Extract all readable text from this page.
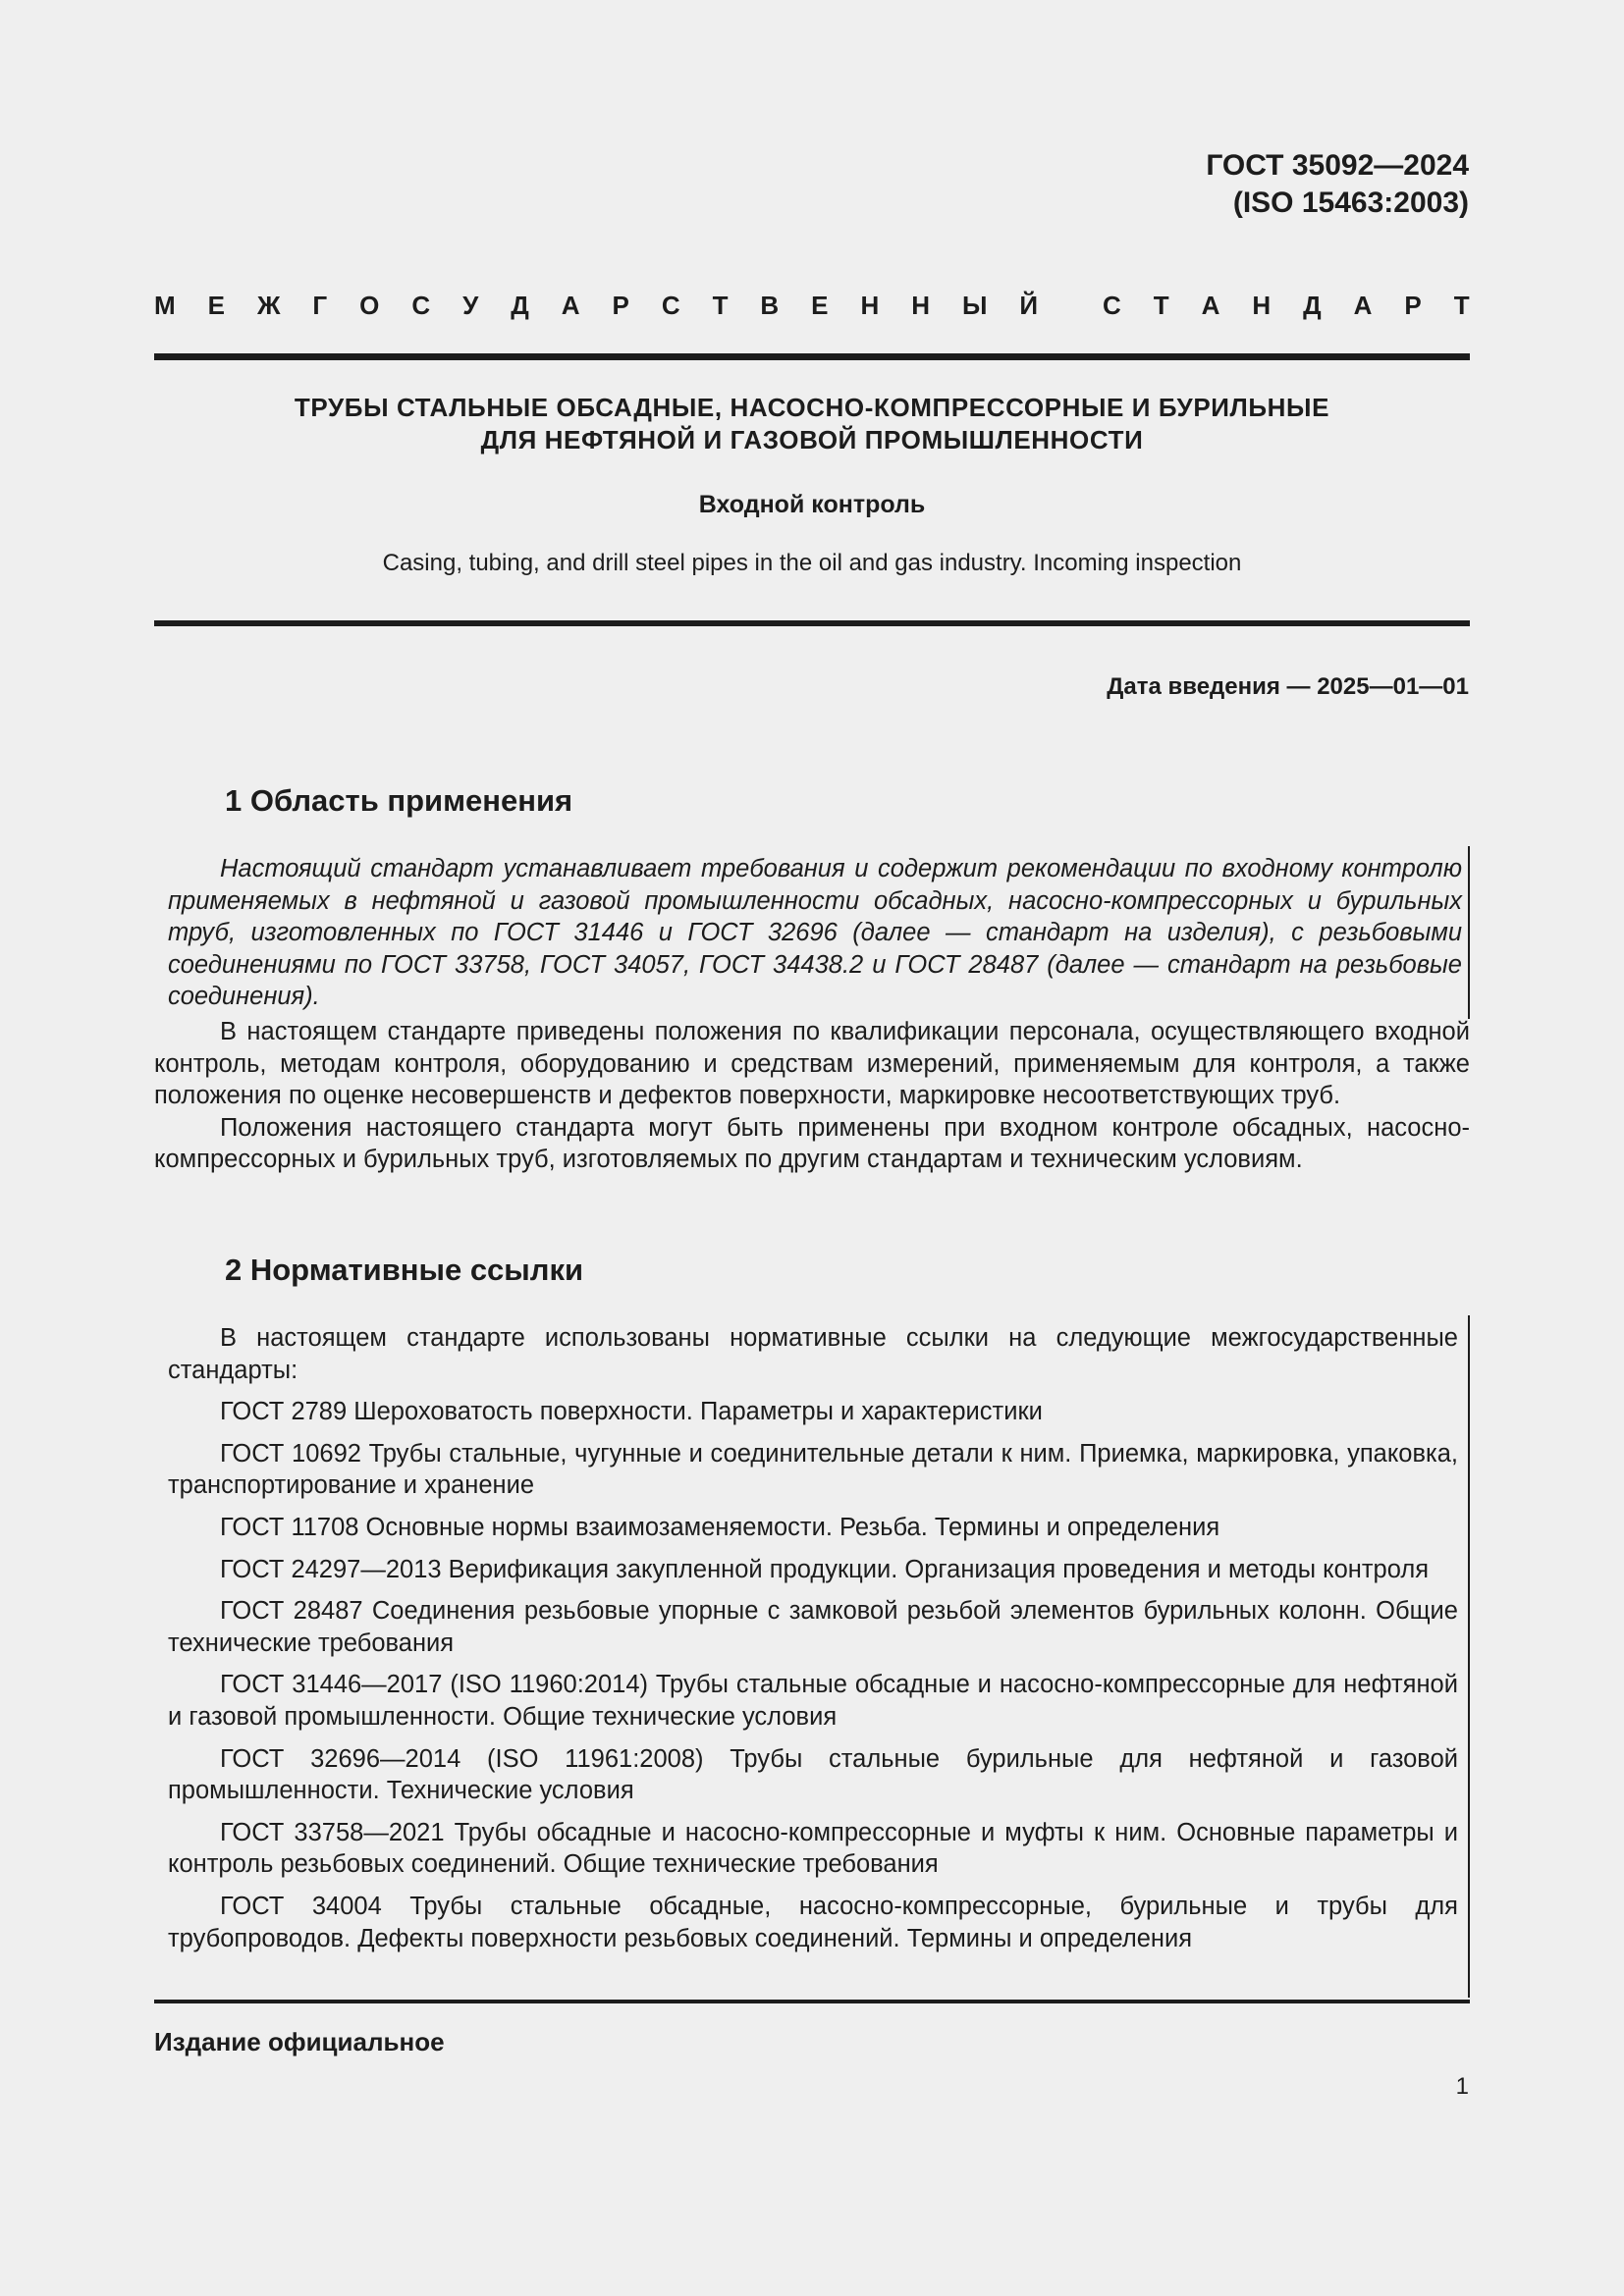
ГОСТ 35092—2024
(ISO 15463:2003)
М Е Ж Г О С У Д А Р С Т В Е Н Н Ы Й	С Т А Н Д А Р Т
ТРУБЫ СТАЛЬНЫЕ ОБСАДНЫЕ, НАСОСНО-КОМПРЕССОРНЫЕ И БУРИЛЬНЫЕ
ДЛЯ НЕФТЯНОЙ И ГАЗОВОЙ ПРОМЫШЛЕННОСТИ
Входной контроль
Casing, tubing, and drill steel pipes in the oil and gas industry. Incoming inspection
Дата введения — 2025—01—01
1 Область применения

Настоящий стандарт устанавливает требования и содержит рекомендации по входному контролю применяемых в нефтяной и газовой промышленности обсадных, насосно-компрессорных и бурильных труб, изготовленных по ГОСТ 31446 и ГОСТ 32696 (далее — стандарт на изделия), с резьбовыми соединениями по ГОСТ 33758, ГОСТ 34057, ГОСТ 34438.2 и ГОСТ 28487 (далее — стандарт на резьбовые соединения).

В настоящем стандарте приведены положения по квалификации персонала, осуществляющего входной контроль, методам контроля, оборудованию и средствам измерений, применяемым для контроля, а также положения по оценке несовершенств и дефектов поверхности, маркировке несоответствующих труб.

Положения настоящего стандарта могут быть применены при входном контроле обсадных, насосно-компрессорных и бурильных труб, изготовляемых по другим стандартам и техническим условиям.

2 Нормативные ссылки

В настоящем стандарте использованы нормативные ссылки на следующие межгосударственные стандарты:

ГОСТ 2789 Шероховатость поверхности. Параметры и характеристики

ГОСТ 10692 Трубы стальные, чугунные и соединительные детали к ним. Приемка, маркировка, упаковка, транспортирование и хранение

ГОСТ 11708 Основные нормы взаимозаменяемости. Резьба. Термины и определения

ГОСТ 24297—2013 Верификация закупленной продукции. Организация проведения и методы контроля

ГОСТ 28487 Соединения резьбовые упорные с замковой резьбой элементов бурильных колонн. Общие технические требования

ГОСТ 31446—2017 (ISO 11960:2014) Трубы стальные обсадные и насосно-компрессорные для нефтяной и газовой промышленности. Общие технические условия

ГОСТ 32696—2014 (ISO 11961:2008) Трубы стальные бурильные для нефтяной и газовой промышленности. Технические условия

ГОСТ 33758—2021 Трубы обсадные и насосно-компрессорные и муфты к ним. Основные параметры и контроль резьбовых соединений. Общие технические требования

ГОСТ 34004 Трубы стальные обсадные, насосно-компрессорные, бурильные и трубы для трубопроводов. Дефекты поверхности резьбовых соединений. Термины и определения

Издание официальное
1
